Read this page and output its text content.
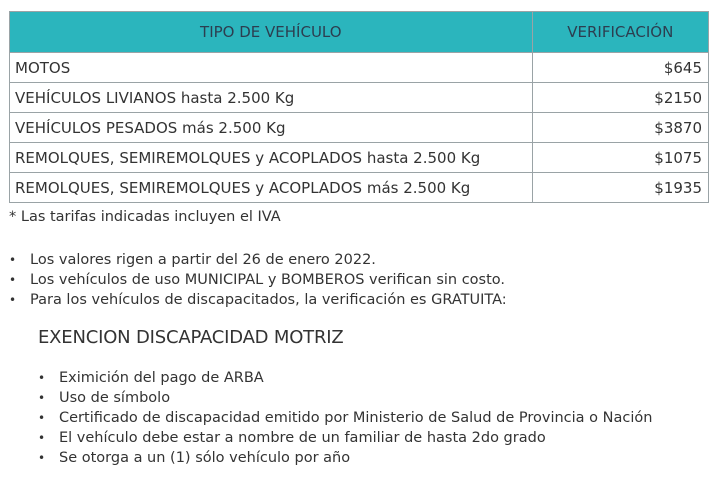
TIPO DE VEHÍCULO	VERIFICACIÓN
MOTOS	$645
VEHÍCULOS LIVIANOS hasta 2.500 Kg	$2150
VEHÍCULOS PESADOS más 2.500 Kg	$3870
REMOLQUES, SEMIREMOLQUES y ACOPLADOS hasta 2.500 Kg	$1075
REMOLQUES, SEMIREMOLQUES y ACOPLADOS más 2.500 Kg	$1935

* Las tarifas indicadas incluyen el IVA

• Los valores rigen a partir del 26 de enero 2022.
• Los vehículos de uso MUNICIPAL y BOMBEROS verifican sin costo.
• Para los vehículos de discapacitados, la verificación es GRATUITA:
EXENCION DISCAPACIDAD MOTRIZ
• Eximición del pago de ARBA
• Uso de símbolo
• Certificado de discapacidad emitido por Ministerio de Salud de Provincia o Nación
• El vehículo debe estar a nombre de un familiar de hasta 2do grado
• Se otorga a un (1) sólo vehículo por año
